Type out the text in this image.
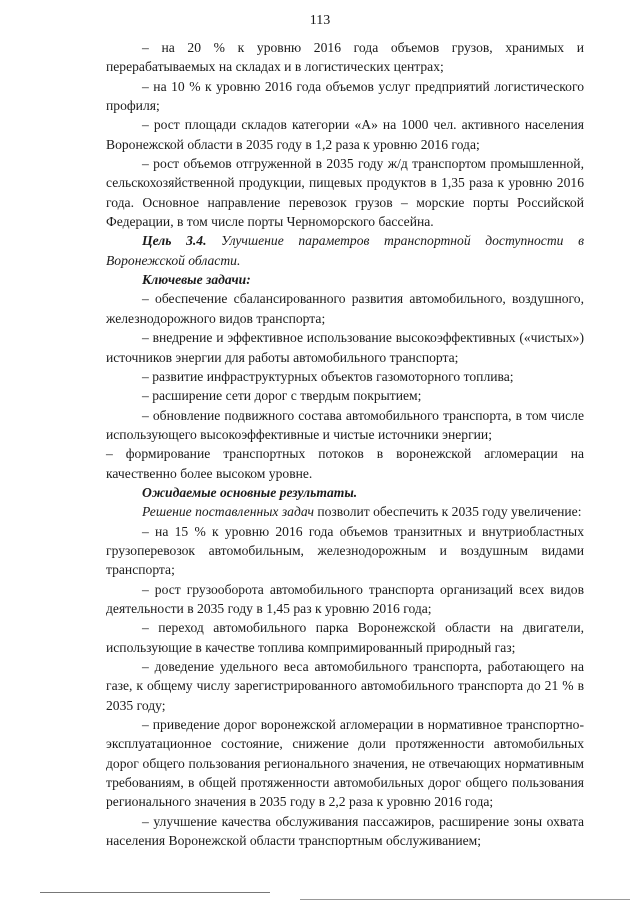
113

– на 20 % к уровню 2016 года объемов грузов, хранимых и перерабатываемых на складах и в логистических центрах;

– на 10 % к уровню 2016 года объемов услуг предприятий логистического профиля;

– рост площади складов категории «А» на 1000 чел. активного населения Воронежской области в 2035 году в 1,2 раза к уровню 2016 года;

– рост объемов отгруженной в 2035 году ж/д транспортом промышленной, сельскохозяйственной продукции, пищевых продуктов в 1,35 раза к уровню 2016 года. Основное направление перевозок грузов – морские порты Российской Федерации, в том числе порты Черноморского бассейна.

Цель 3.4. Улучшение параметров транспортной доступности в Воронежской области.

Ключевые задачи:

– обеспечение сбалансированного развития автомобильного, воздушного, железнодорожного видов транспорта;

– внедрение и эффективное использование высокоэффективных («чистых») источников энергии для работы автомобильного транспорта;

– развитие инфраструктурных объектов газомоторного топлива;

– расширение сети дорог с твердым покрытием;

– обновление подвижного состава автомобильного транспорта, в том числе использующего высокоэффективные и чистые источники энергии;

– формирование транспортных потоков в воронежской агломерации на качественно более высоком уровне.

Ожидаемые основные результаты.

Решение поставленных задач позволит обеспечить к 2035 году увеличение:

– на 15 % к уровню 2016 года объемов транзитных и внутриобластных грузоперевозок автомобильным, железнодорожным и воздушным видами транспорта;

– рост грузооборота автомобильного транспорта организаций всех видов деятельности в 2035 году в 1,45 раз к уровню 2016 года;

– переход автомобильного парка Воронежской области на двигатели, использующие в качестве топлива компримированный природный газ;

– доведение удельного веса автомобильного транспорта, работающего на газе, к общему числу зарегистрированного автомобильного транспорта до 21 % в 2035 году;

– приведение дорог воронежской агломерации в нормативное транспортно-эксплуатационное состояние, снижение доли протяженности автомобильных дорог общего пользования регионального значения, не отвечающих нормативным требованиям, в общей протяженности автомобильных дорог общего пользования регионального значения в 2035 году в 2,2 раза к уровню 2016 года;

– улучшение качества обслуживания пассажиров, расширение зоны охвата населения Воронежской области транспортным обслуживанием;
